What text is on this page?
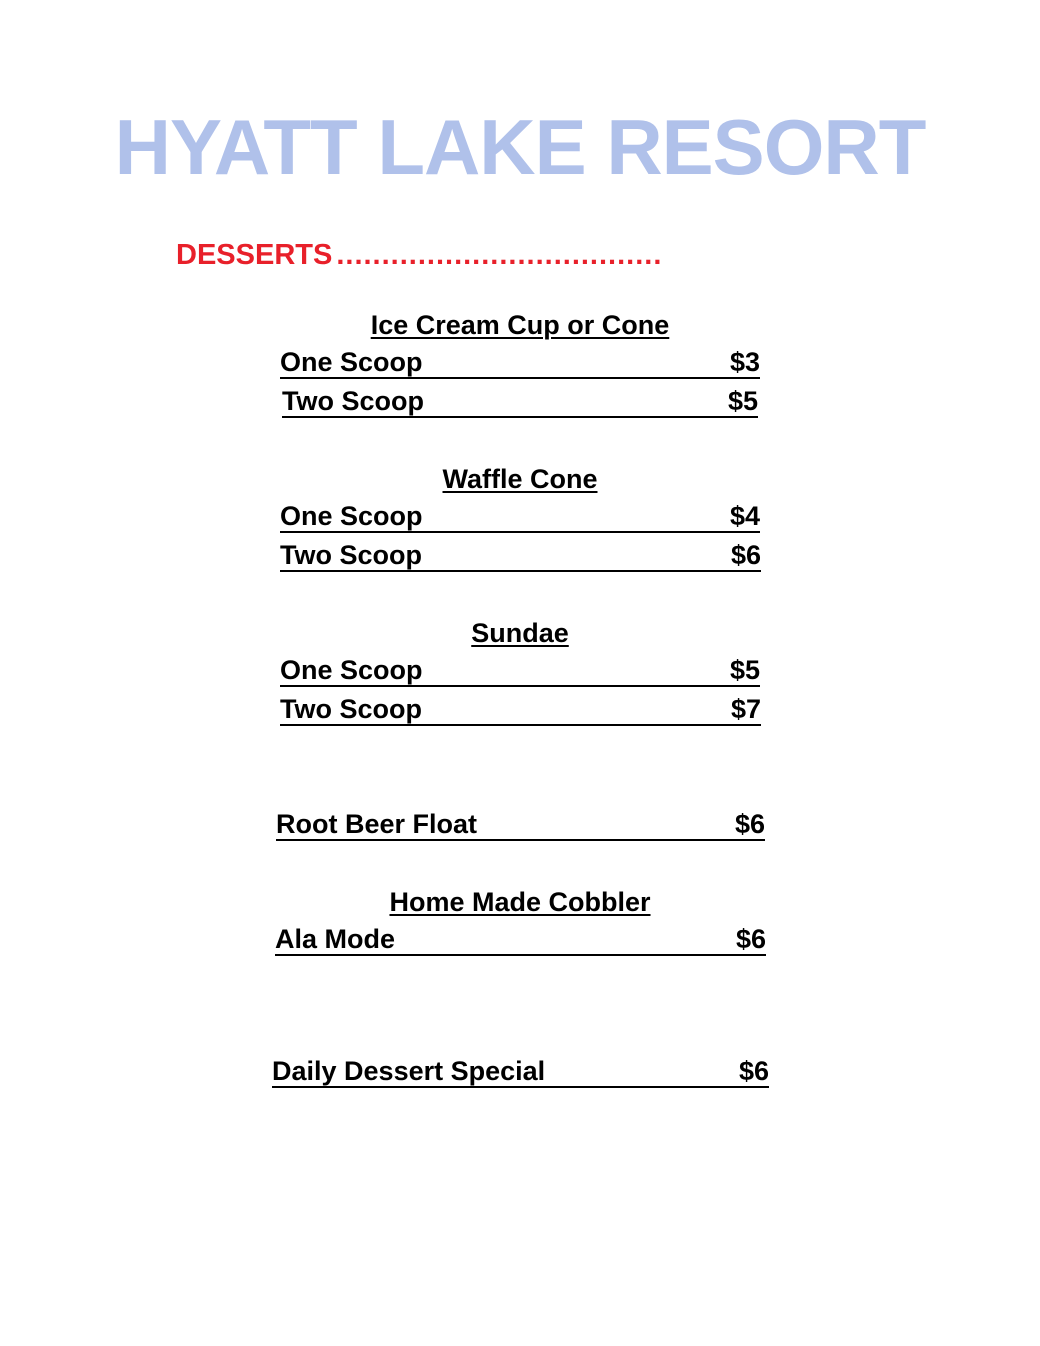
HYATT LAKE RESORT
DESSERTS ....................................
Ice Cream Cup or Cone
One Scoop	$3
Two Scoop	$5
Waffle Cone
One Scoop	$4
Two Scoop	$6
Sundae
One Scoop	$5
Two Scoop	$7
Root Beer Float	$6
Home Made Cobbler
Ala Mode	$6
Daily Dessert Special	$6
